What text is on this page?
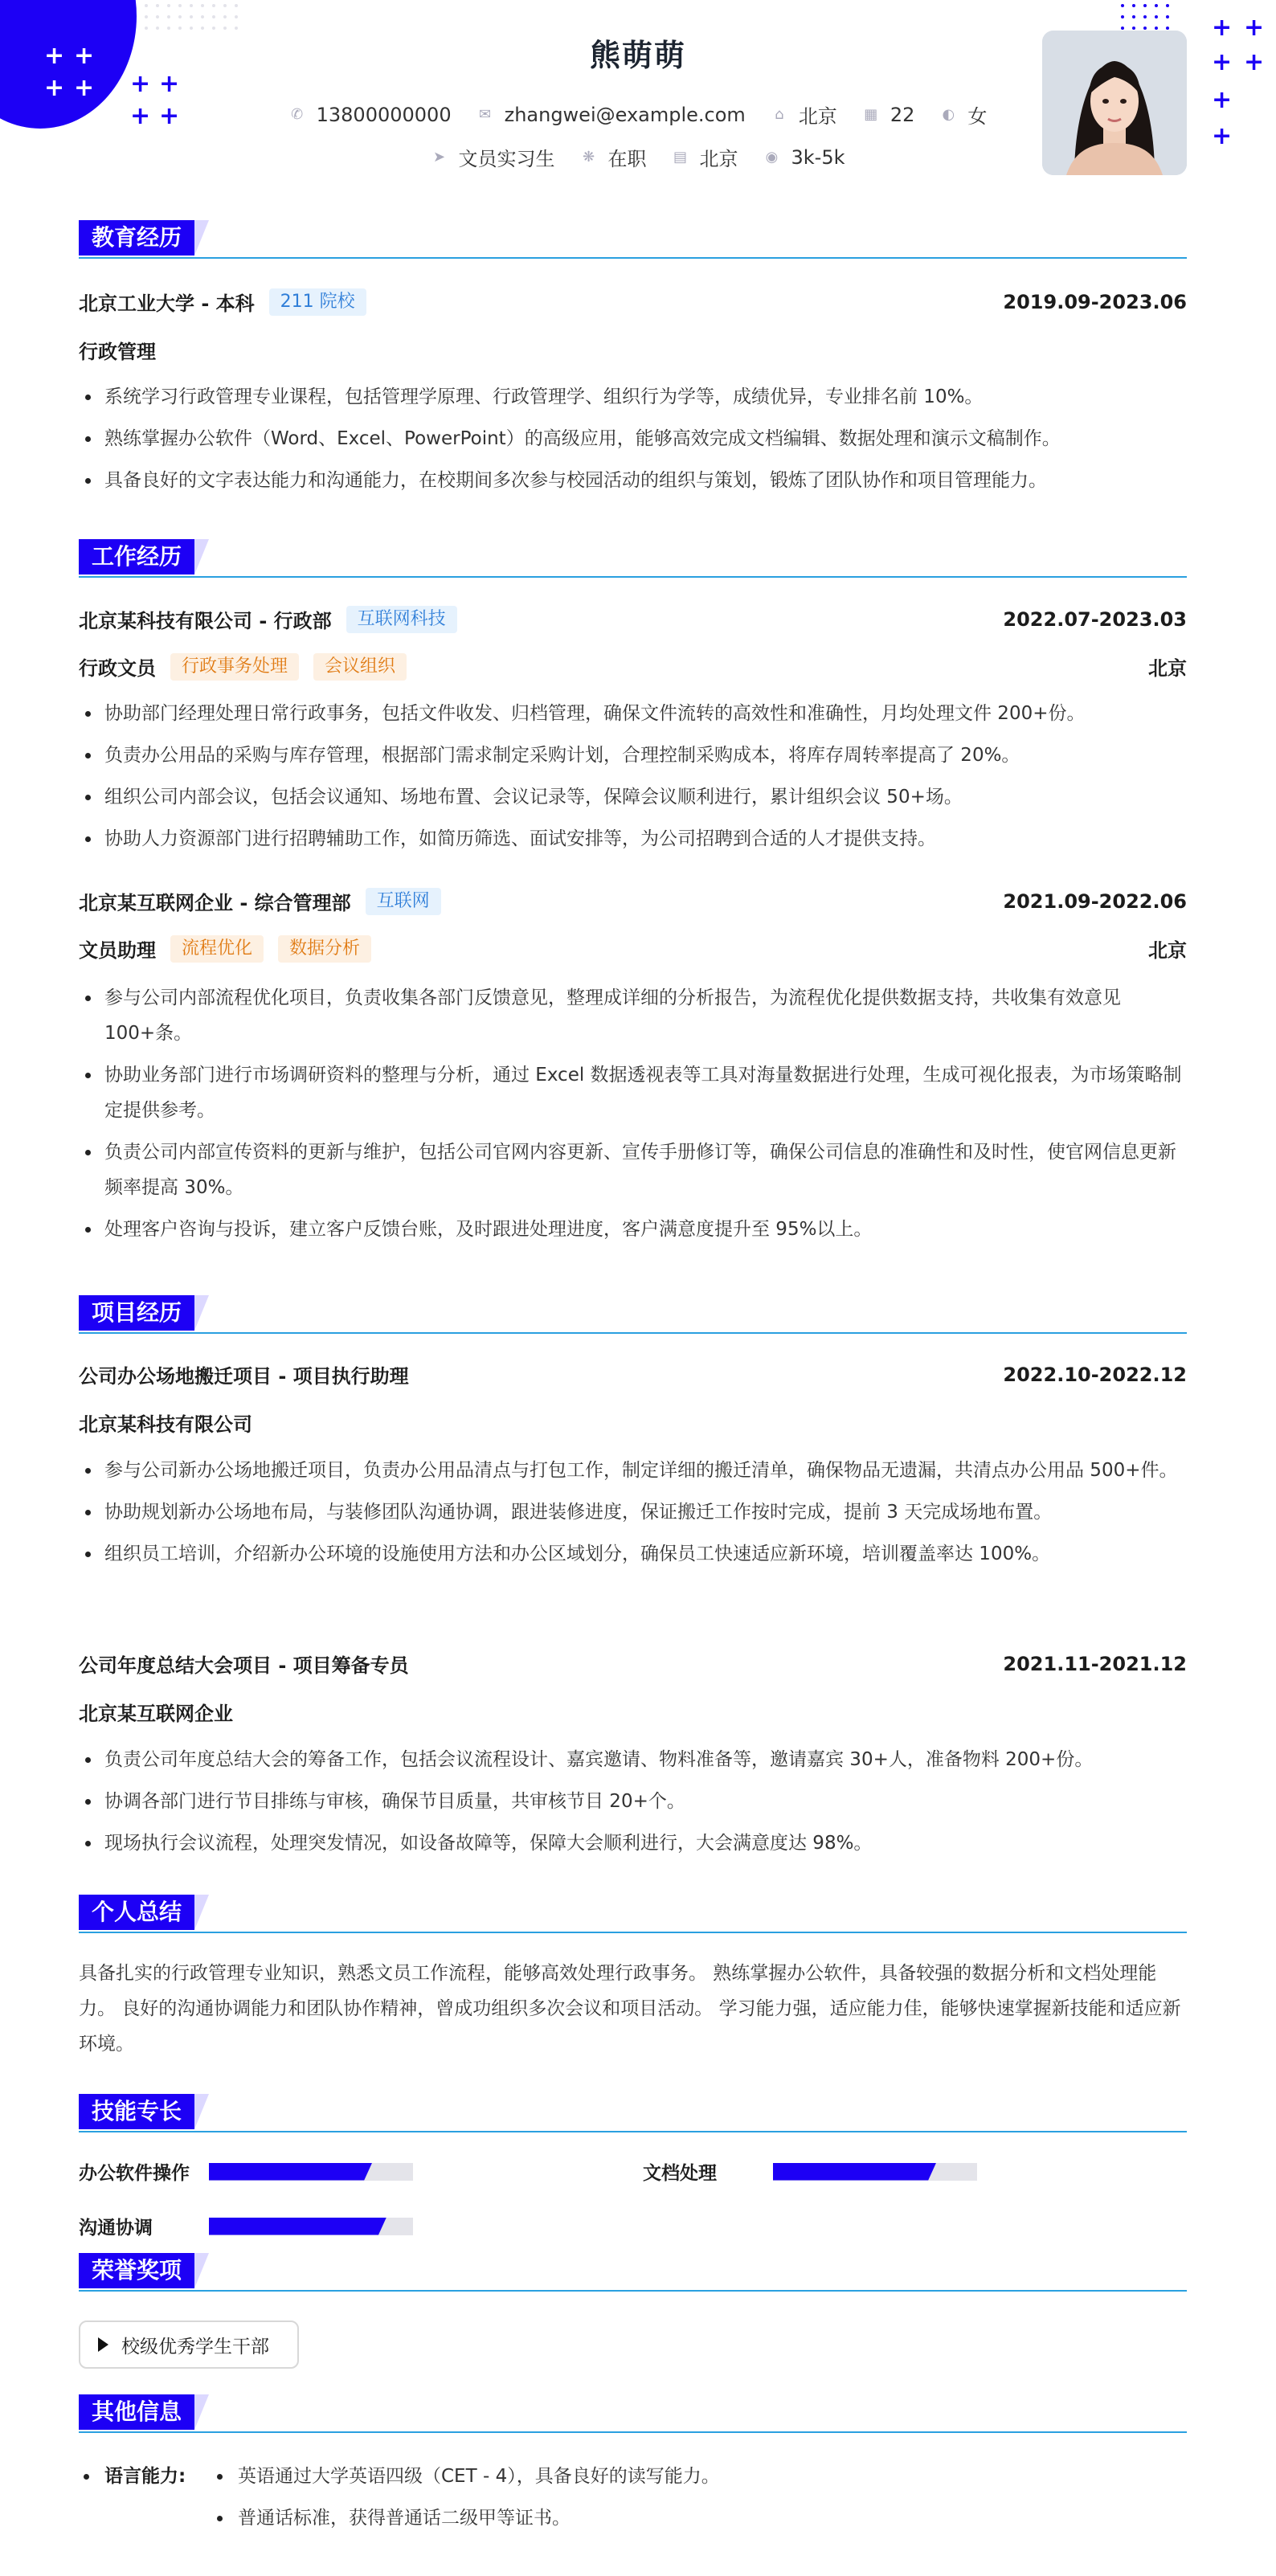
+ +
+ + + +
+ +
+ +
+ +
+
+
熊萌萌
✆ 13800000000 ✉ zhangwei@example.com ⌂ 北京 ▦ 22 ◐ 女
➤ 文员实习生 ❋ 在职 ▤ 北京 ◉ 3k-5k
教育经历
北京工业大学 - 本科	211 院校	2019.09-2023.06
行政管理
系统学习行政管理专业课程，包括管理学原理、行政管理学、组织行为学等，成绩优异，专业排名前 10%。
熟练掌握办公软件（Word、Excel、PowerPoint）的高级应用，能够高效完成文档编辑、数据处理和演示文稿制作。
具备良好的文字表达能力和沟通能力，在校期间多次参与校园活动的组织与策划，锻炼了团队协作和项目管理能力。
工作经历
北京某科技有限公司 - 行政部	互联网科技	2022.07-2023.03
行政文员	行政事务处理	会议组织	北京
协助部门经理处理日常行政事务，包括文件收发、归档管理，确保文件流转的高效性和准确性，月均处理文件 200+份。
负责办公用品的采购与库存管理，根据部门需求制定采购计划，合理控制采购成本，将库存周转率提高了 20%。
组织公司内部会议，包括会议通知、场地布置、会议记录等，保障会议顺利进行，累计组织会议 50+场。
协助人力资源部门进行招聘辅助工作，如简历筛选、面试安排等，为公司招聘到合适的人才提供支持。
北京某互联网企业 - 综合管理部	互联网	2021.09-2022.06
文员助理	流程优化	数据分析	北京
参与公司内部流程优化项目，负责收集各部门反馈意见，整理成详细的分析报告，为流程优化提供数据支持，共收集有效意见 100+条。
协助业务部门进行市场调研资料的整理与分析，通过 Excel 数据透视表等工具对海量数据进行处理，生成可视化报表，为市场策略制定提供参考。
负责公司内部宣传资料的更新与维护，包括公司官网内容更新、宣传手册修订等，确保公司信息的准确性和及时性，使官网信息更新频率提高 30%。
处理客户咨询与投诉，建立客户反馈台账，及时跟进处理进度，客户满意度提升至 95%以上。
项目经历
公司办公场地搬迁项目 - 项目执行助理	2022.10-2022.12
北京某科技有限公司
参与公司新办公场地搬迁项目，负责办公用品清点与打包工作，制定详细的搬迁清单，确保物品无遗漏，共清点办公用品 500+件。
协助规划新办公场地布局，与装修团队沟通协调，跟进装修进度，保证搬迁工作按时完成，提前 3 天完成场地布置。
组织员工培训，介绍新办公环境的设施使用方法和办公区域划分，确保员工快速适应新环境，培训覆盖率达 100%。
公司年度总结大会项目 - 项目筹备专员	2021.11-2021.12
北京某互联网企业
负责公司年度总结大会的筹备工作，包括会议流程设计、嘉宾邀请、物料准备等，邀请嘉宾 30+人，准备物料 200+份。
协调各部门进行节目排练与审核，确保节目质量，共审核节目 20+个。
现场执行会议流程，处理突发情况，如设备故障等，保障大会顺利进行，大会满意度达 98%。
个人总结
具备扎实的行政管理专业知识，熟悉文员工作流程，能够高效处理行政事务。 熟练掌握办公软件，具备较强的数据分析和文档处理能力。 良好的沟通协调能力和团队协作精神，曾成功组织多次会议和项目活动。 学习能力强，适应能力佳，能够快速掌握新技能和适应新环境。
技能专长
办公软件操作	文档处理
沟通协调
荣誉奖项
校级优秀学生干部
其他信息
语言能力:	英语通过大学英语四级（CET - 4），具备良好的读写能力。
普通话标准，获得普通话二级甲等证书。
